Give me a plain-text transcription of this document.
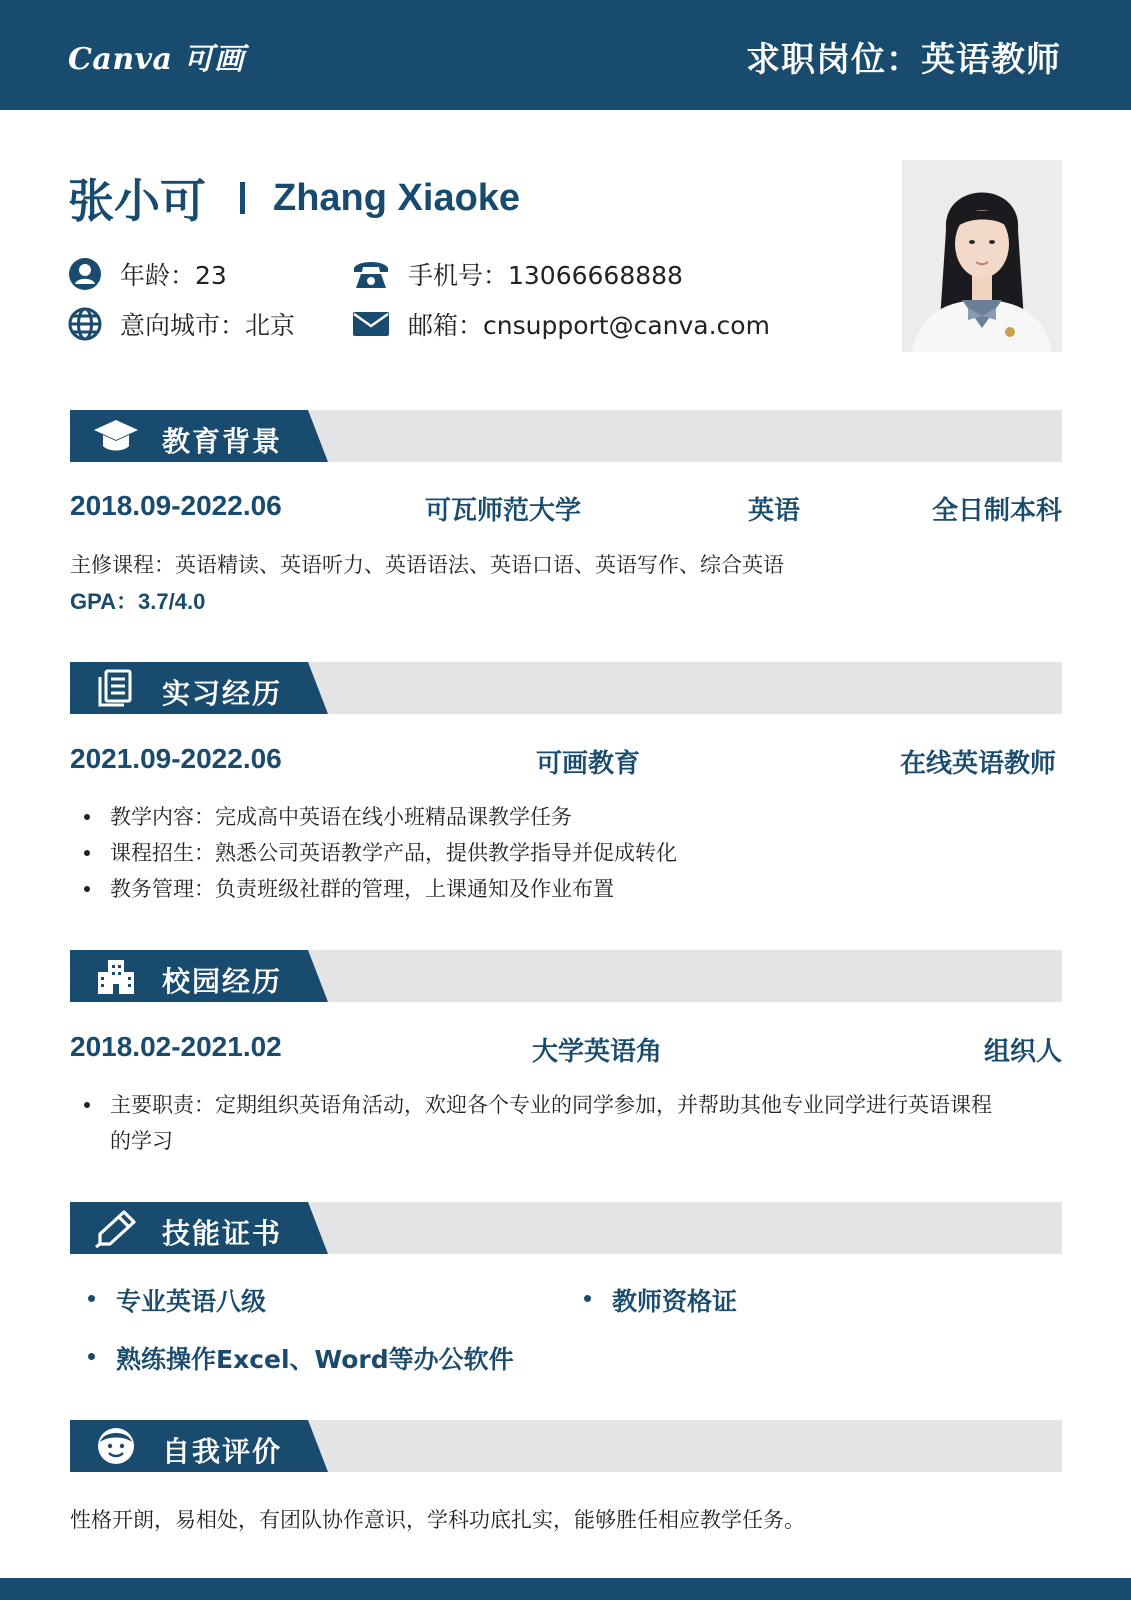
Canva 可画	求职岗位：英语教师
张小可 Zhang Xiaoke
年龄：23	手机号：13066668888
意向城市：北京	邮箱：cnsupport@canva.com
教育背景
2018.09-2022.06	可瓦师范大学	英语	全日制本科
主修课程：英语精读、英语听力、英语语法、英语口语、英语写作、综合英语
GPA：3.7/4.0
实习经历
2021.09-2022.06	可画教育	在线英语教师
教学内容：完成高中英语在线小班精品课教学任务
课程招生：熟悉公司英语教学产品，提供教学指导并促成转化
教务管理：负责班级社群的管理，上课通知及作业布置
校园经历
2018.02-2021.02	大学英语角	组织人
主要职责：定期组织英语角活动，欢迎各个专业的同学参加，并帮助其他专业同学进行英语课程的学习
技能证书
专业英语八级	教师资格证
熟练操作Excel、Word等办公软件
自我评价
性格开朗，易相处，有团队协作意识，学科功底扎实，能够胜任相应教学任务。
